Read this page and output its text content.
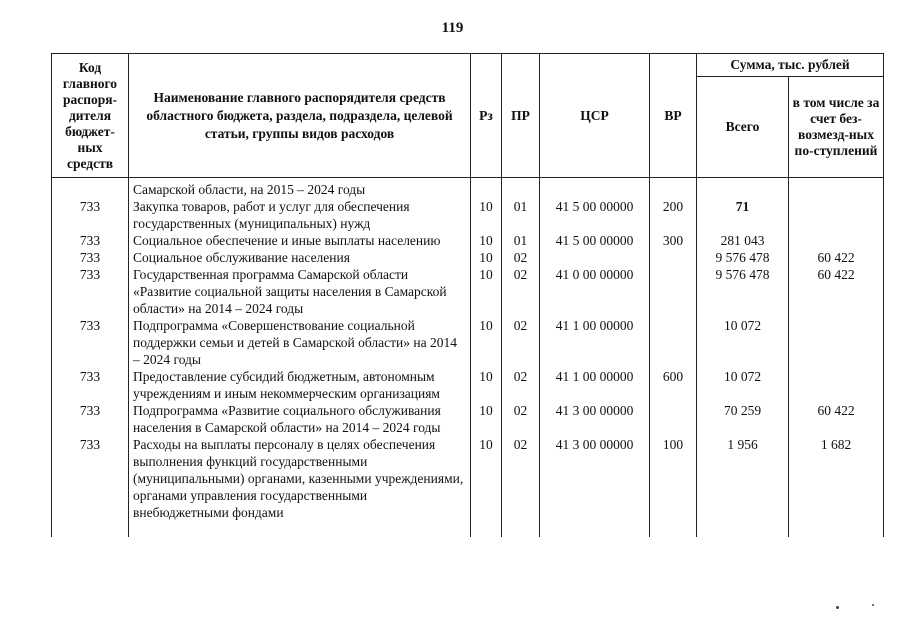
119
Код главного распоря-дителя бюджет-ных средств	Наименование главного распорядителя средств областного бюджета, раздела, подраздела, целевой статьи, группы видов расходов	Рз	ПР	ЦСР	ВР	Сумма, тыс. рублей	
						Всего	в том числе за счет без-возмезд-ных по-ступлений
	Самарской области, на 2015 – 2024 годы						
733	Закупка товаров, работ и услуг для обеспечения государственных (муниципальных) нужд	10	01	41 5 00 00000	200	71	
733	Социальное обеспечение и иные выплаты населению	10	01	41 5 00 00000	300	281 043	
733	Социальное обслуживание населения	10	02			9 576 478	60 422
733	Государственная программа Самарской области «Развитие социальной защиты населения в Самарской области» на 2014 – 2024 годы	10	02	41 0 00 00000		9 576 478	60 422
733	Подпрограмма «Совершенствование социальной поддержки семьи и детей в Самарской области» на 2014 – 2024 годы	10	02	41 1 00 00000		10 072	
733	Предоставление субсидий бюджетным, автономным учреждениям и иным некоммерческим организациям	10	02	41 1 00 00000	600	10 072	
733	Подпрограмма «Развитие социального обслуживания населения в Самарской области» на 2014 – 2024 годы	10	02	41 3 00 00000		70 259	60 422
733	Расходы на выплаты персоналу в целях обеспечения выполнения функций государственными (муниципальными) органами, казенными учреждениями, органами управления государственными внебюджетными фондами	10	02	41 3 00 00000	100	1 956	1 682
